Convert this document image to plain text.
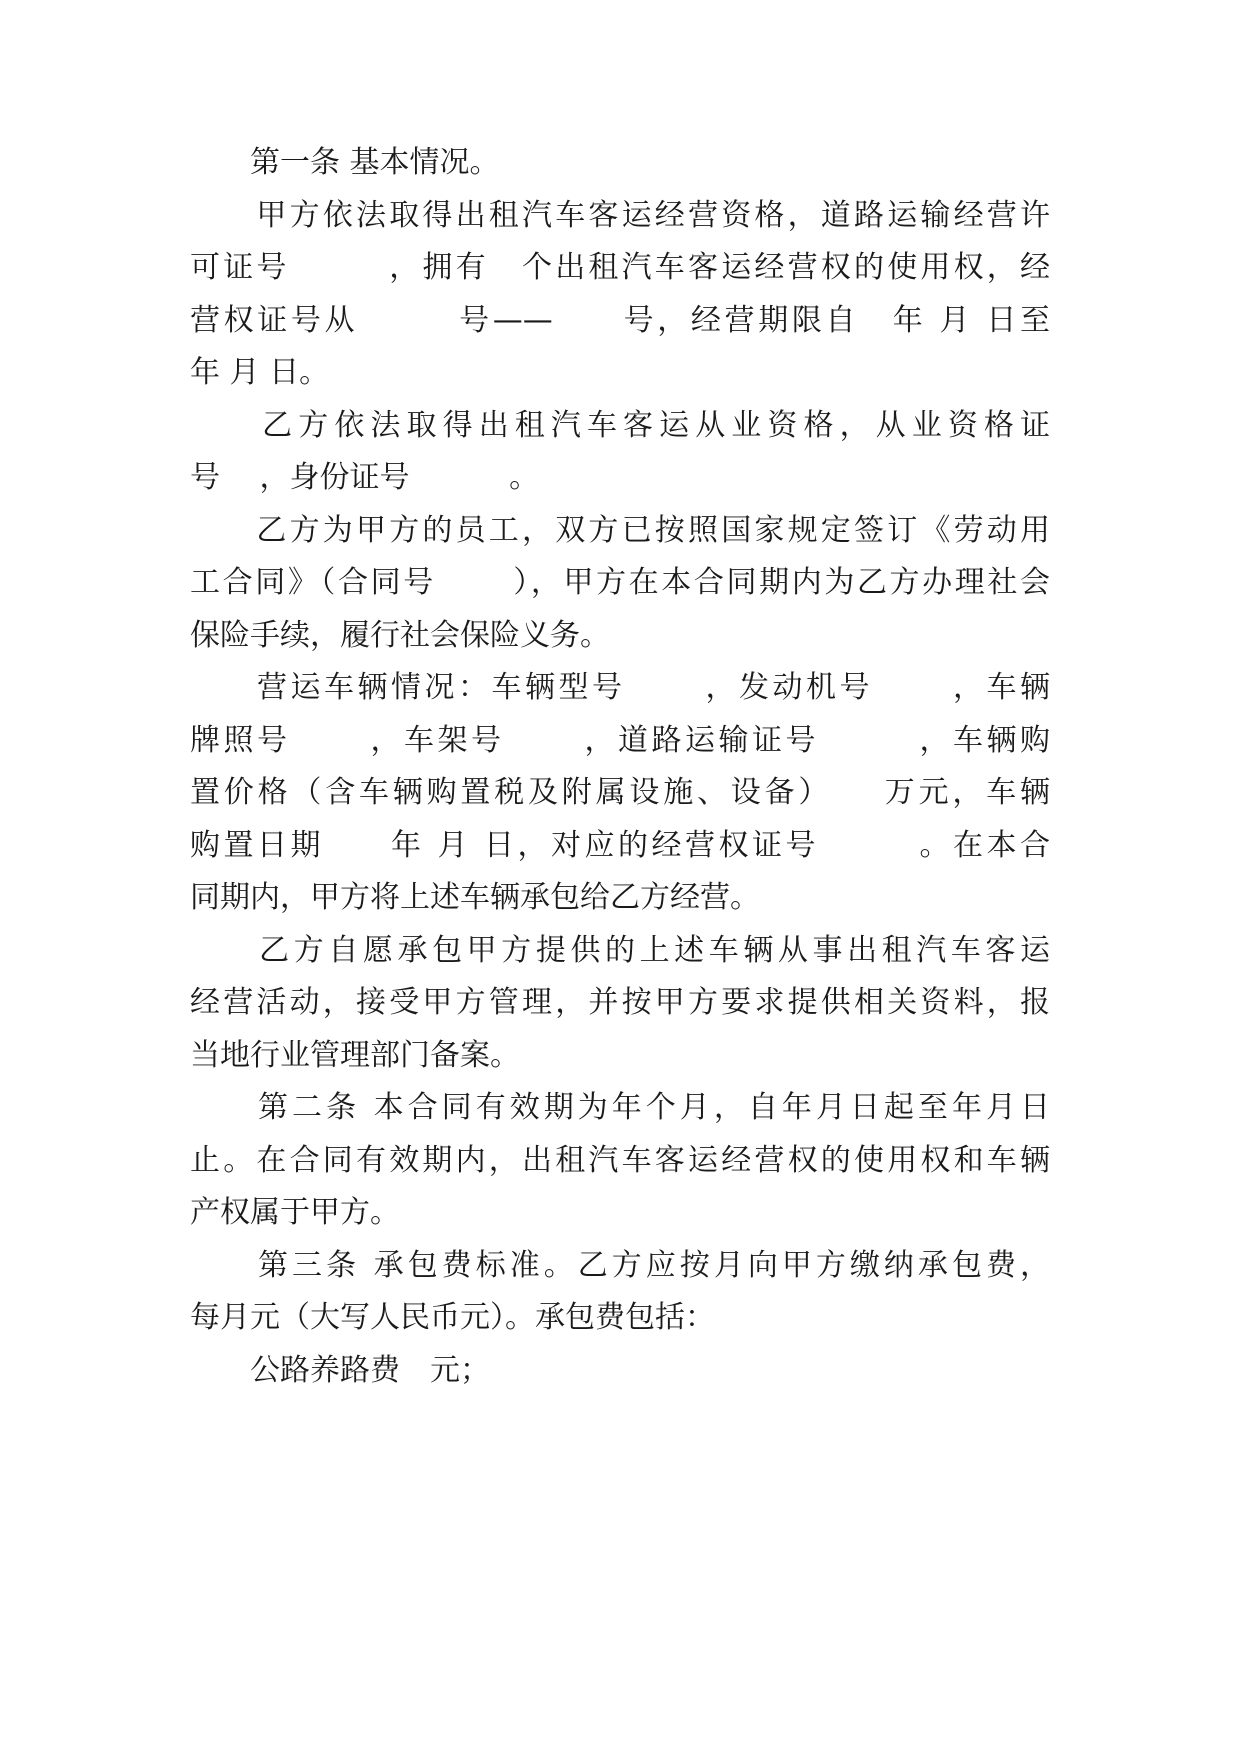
　　第一条 基本情况。

　　甲方依法取得出租汽车客运经营资格，道路运输经营许

可证号　　　，拥有　个出租汽车客运经营权的使用权，经

营权证号从　　　号——　　号，经营期限自　年 月 日至

年 月 日。

　　乙方依法取得出租汽车客运从业资格，从业资格证

号　 ，身份证号　　　 。

　　乙方为甲方的员工，双方已按照国家规定签订《劳动用

工合同》（合同号　　 ），甲方在本合同期内为乙方办理社会

保险手续，履行社会保险义务。

　　营运车辆情况：车辆型号　　 ，发动机号　　 ，车辆

牌照号　　 ，车架号　　 ，道路运输证号　　　，车辆购

置价格（含车辆购置税及附属设施、设备）　　万元，车辆

购置日期　　年 月 日，对应的经营权证号　　　。在本合

同期内，甲方将上述车辆承包给乙方经营。

　　乙方自愿承包甲方提供的上述车辆从事出租汽车客运

经营活动，接受甲方管理，并按甲方要求提供相关资料，报

当地行业管理部门备案。

　　第二条 本合同有效期为年个月，自年月日起至年月日

止。在合同有效期内，出租汽车客运经营权的使用权和车辆

产权属于甲方。

　　第三条 承包费标准。乙方应按月向甲方缴纳承包费，

每月元（大写人民币元）。承包费包括：

　　公路养路费　元；
